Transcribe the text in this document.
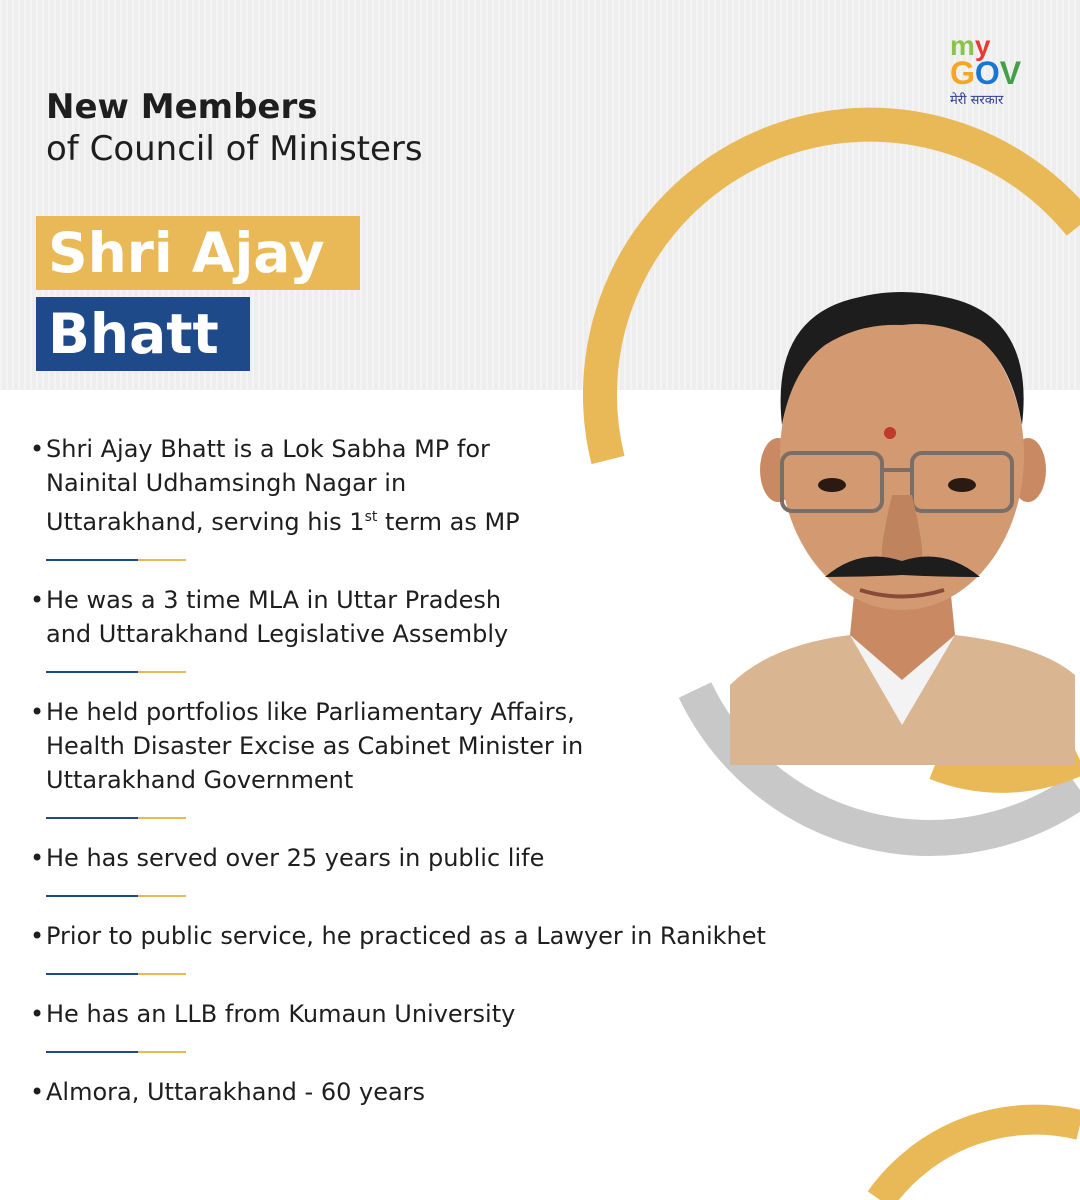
my
GOV
मेरी सरकार
New Members
of Council of Ministers
Shri Ajay
Bhatt
• Shri Ajay Bhatt is a Lok Sabha MP for
Nainital Udhamsingh Nagar in
Uttarakhand, serving his 1st term as MP
• He was a 3 time MLA in Uttar Pradesh
and Uttarakhand Legislative Assembly
• He held portfolios like Parliamentary Affairs,
Health Disaster Excise as Cabinet Minister in
Uttarakhand Government
• He has served over 25 years in public life
• Prior to public service, he practiced as a Lawyer in Ranikhet
• He has an LLB from Kumaun University
• Almora, Uttarakhand - 60 years
